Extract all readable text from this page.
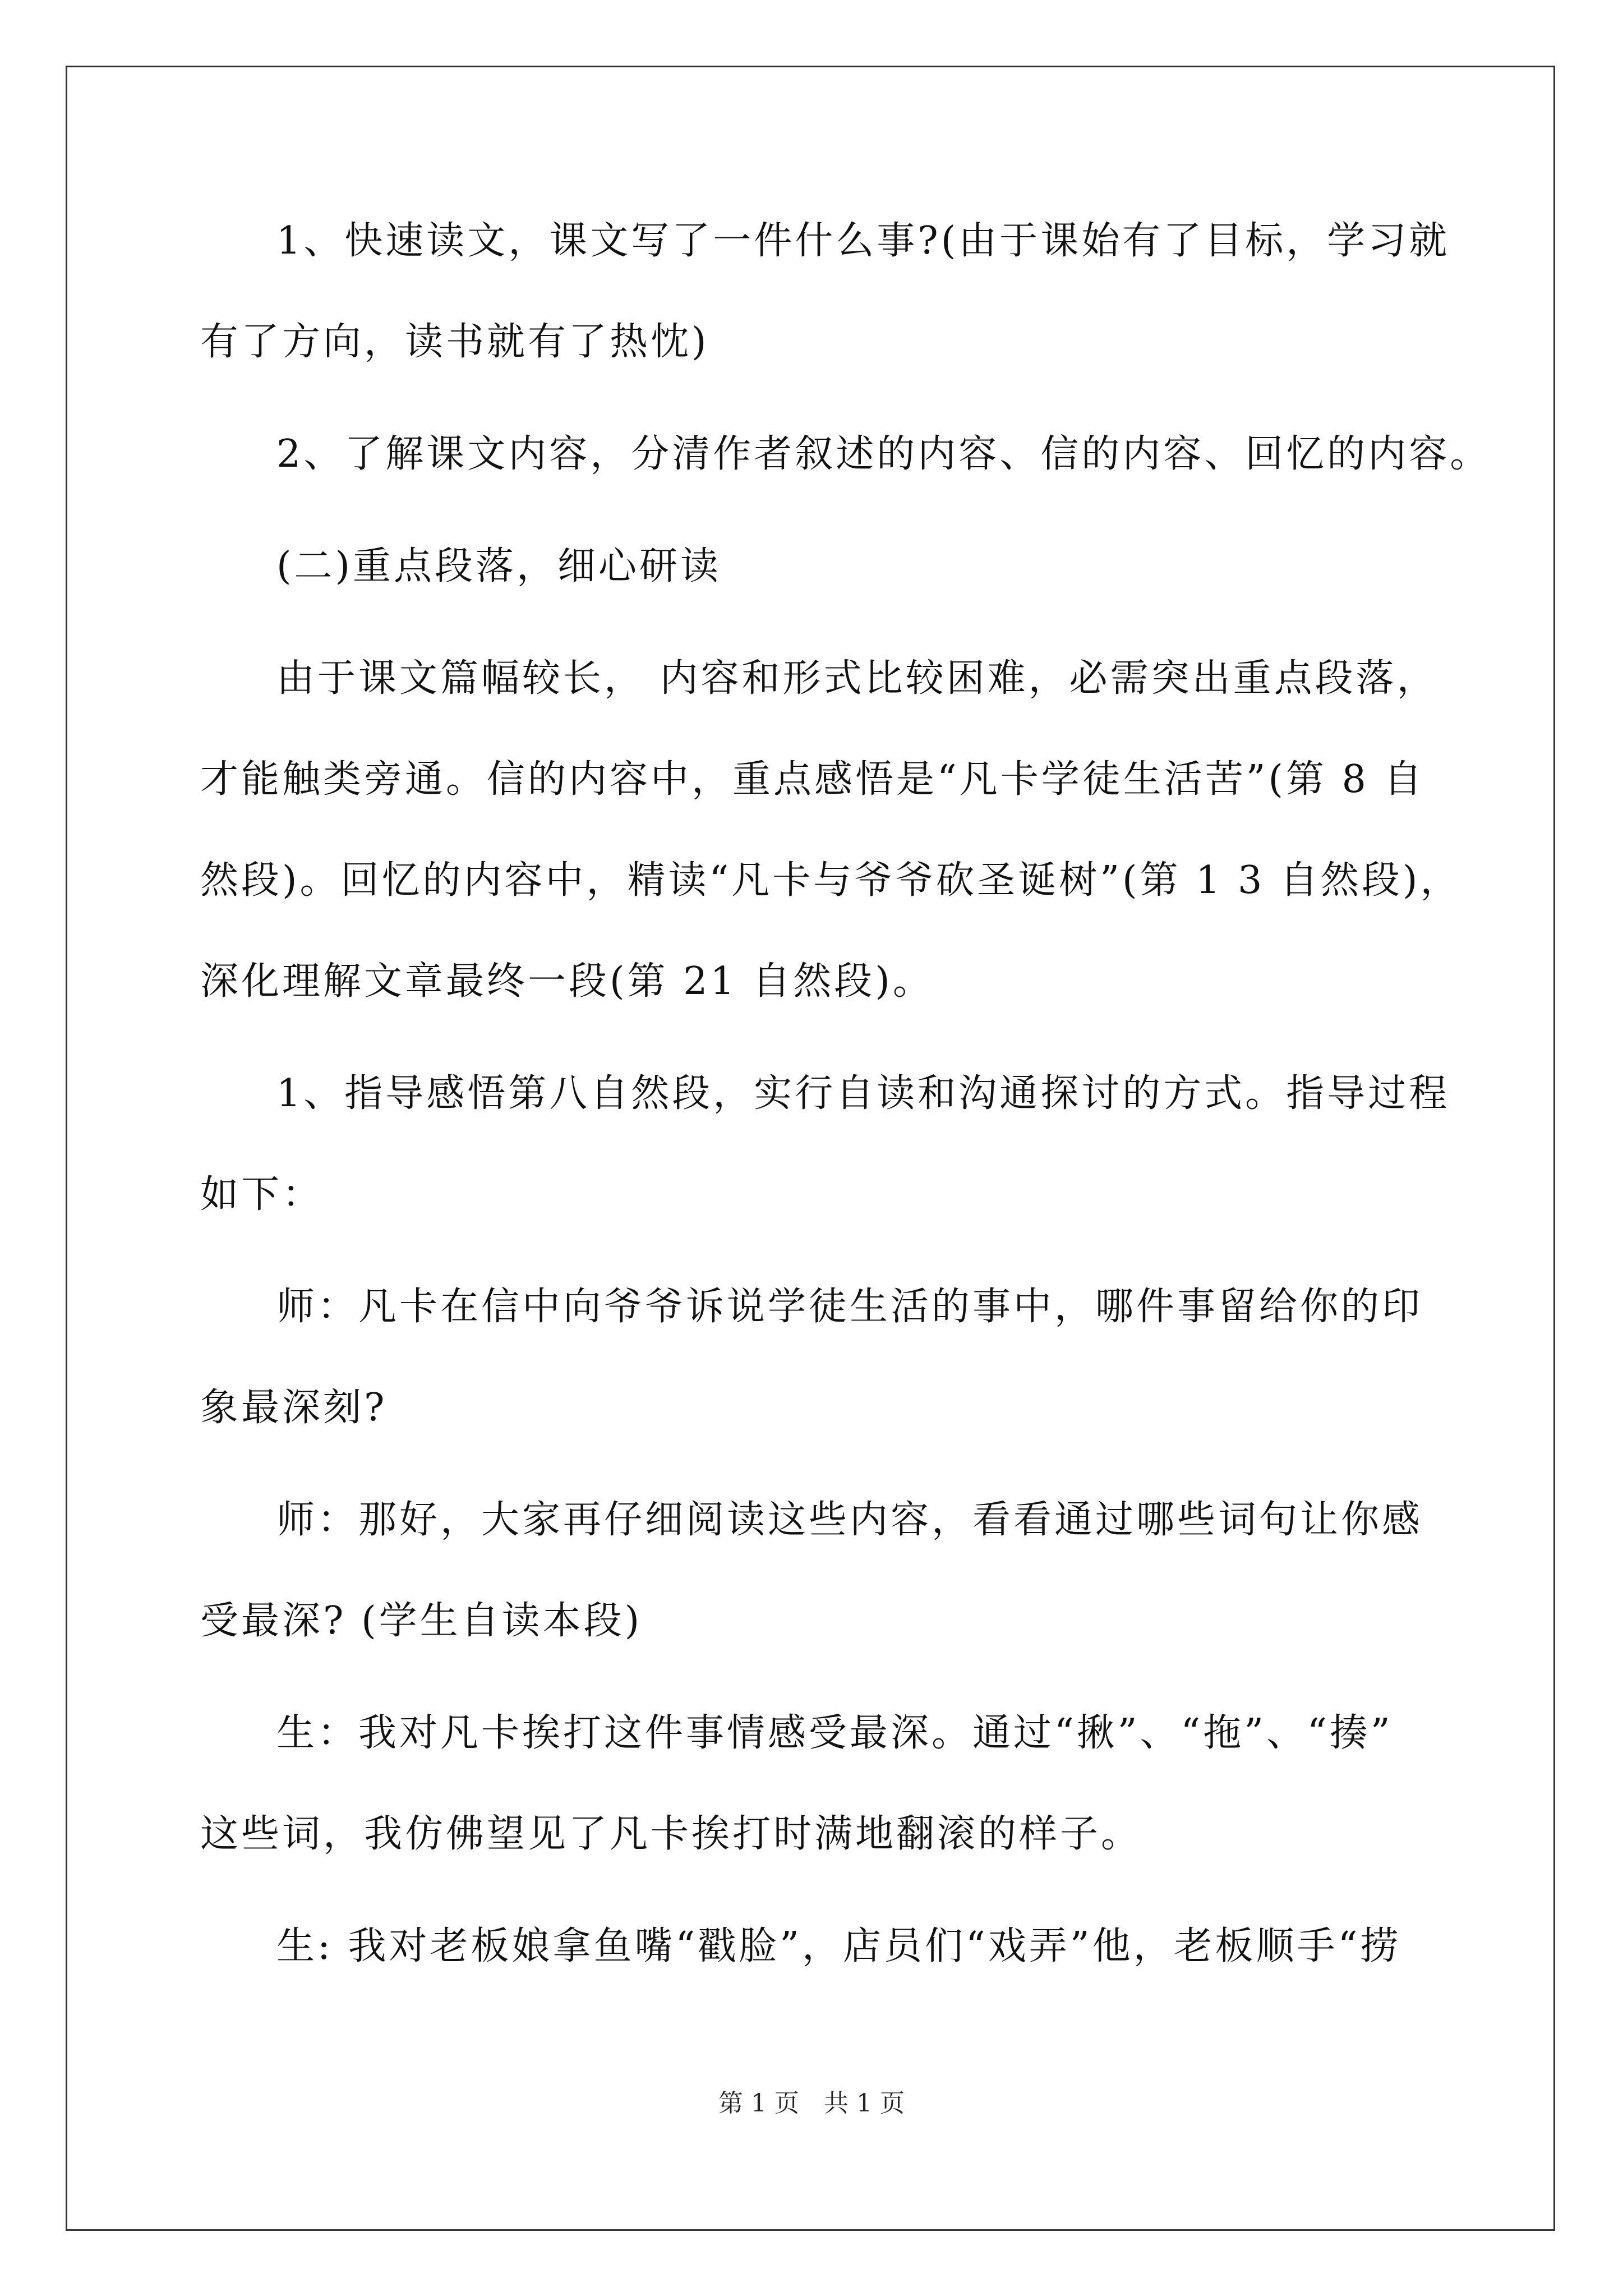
1、快速读文，课文写了一件什么事?(由于课始有了目标，学习就
有了方向，读书就有了热忱)
2、了解课文内容，分清作者叙述的内容、信的内容、回忆的内容。
(二)重点段落，细心研读
由于课文篇幅较长， 内容和形式比较困难，必需突出重点段落，
才能触类旁通。信的内容中，重点感悟是“凡卡学徒生活苦”(第 8 自
然段)。回忆的内容中，精读“凡卡与爷爷砍圣诞树”(第 1 3 自然段)，
深化理解文章最终一段(第 21 自然段)。
1、指导感悟第八自然段，实行自读和沟通探讨的方式。指导过程
如下：
师：凡卡在信中向爷爷诉说学徒生活的事中，哪件事留给你的印
象最深刻?
师：那好，大家再仔细阅读这些内容，看看通过哪些词句让你感
受最深? (学生自读本段)
生：我对凡卡挨打这件事情感受最深。通过“揪”、“拖”、“揍”
这些词，我仿佛望见了凡卡挨打时满地翻滚的样子。
生: 我对老板娘拿鱼嘴“戳脸”，店员们“戏弄”他，老板顺手“捞
第 1 页　共 1 页
